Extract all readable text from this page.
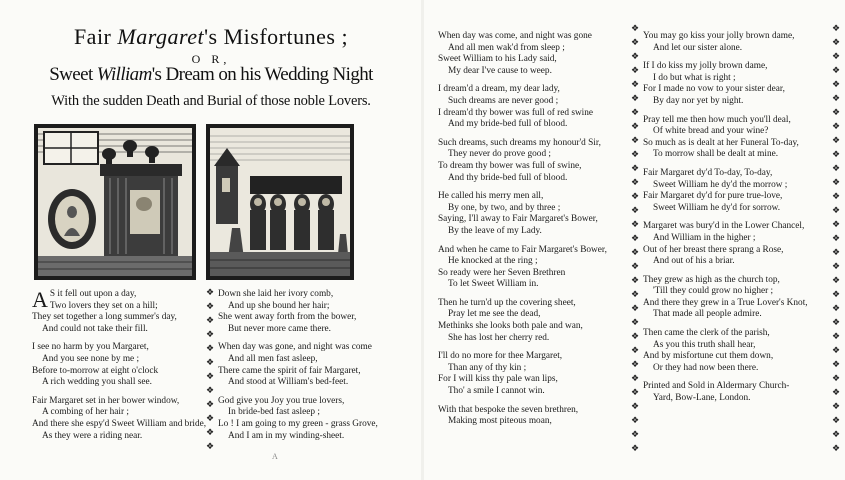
Fair Margaret's Misfortunes ;
O R,
Sweet William's Dream on his Wedding Night
With the sudden Death and Burial of those noble Lovers.
❖
❖
❖
❖
❖
❖
❖
❖
❖
❖
❖
❖
❖
❖
❖
❖
❖
❖
❖
❖
❖
❖
❖
❖
❖
❖
❖
❖
❖
❖
❖
❖
❖
❖
❖
❖
❖
❖
❖
❖
❖
❖
❖
❖
❖
❖
❖
❖
❖
❖
❖
❖
❖
❖
❖
❖
❖
❖
❖
❖
❖
❖
❖
❖
❖
❖
❖
❖
❖
❖
❖
❖
❖
❖
A S it fell out upon a day,
Two lovers they set on a hill;
They set together a long summer's day,
And could not take their fill.
I see no harm by you Margaret,
And you see none by me ;
Before to-morrow at eight o'clock
A rich wedding you shall see.
Fair Margaret set in her bower window,
A combing of her hair ;
And there she espy'd Sweet William and bride,
As they were a riding near.
Down she laid her ivory comb,
And up she bound her hair;
She went away forth from the bower,
But never more came there.
When day was gone, and night was come
And all men fast asleep,
There came the spirit of fair Margaret,
And stood at William's bed-feet.
God give you Joy you true lovers,
In bride-bed fast asleep ;
Lo ! I am going to my green - grass Grove,
And I am in my winding-sheet.
When day was come, and night was gone
And all men wak'd from sleep ;
Sweet William to his Lady said,
My dear I've cause to weep.
I dream'd a dream, my dear lady,
Such dreams are never good ;
I dream'd thy bower was full of red swine
And my bride-bed full of blood.
Such dreams, such dreams my honour'd Sir,
They never do prove good ;
To dream thy bower was full of swine,
And thy bride-bed full of blood.
He called his merry men all,
By one, by two, and by three ;
Saying, I'll away to Fair Margaret's Bower,
By the leave of my Lady.
And when he came to Fair Margaret's Bower,
He knocked at the ring ;
So ready were her Seven Brethren
To let Sweet William in.
Then he turn'd up the covering sheet,
Pray let me see the dead,
Methinks she looks both pale and wan,
She has lost her cherry red.
I'll do no more for thee Margaret,
Than any of thy kin ;
For I will kiss thy pale wan lips,
Tho' a smile I cannot win.
With that bespoke the seven brethren,
Making most piteous moan,
You may go kiss your jolly brown dame,
And let our sister alone.
If I do kiss my jolly brown dame,
I do but what is right ;
For I made no vow to your sister dear,
By day nor yet by night.
Pray tell me then how much you'll deal,
Of white bread and your wine?
So much as is dealt at her Funeral To-day,
To morrow shall be dealt at mine.
Fair Margaret dy'd To-day, To-day,
Sweet William he dy'd the morrow ;
Fair Margaret dy'd for pure true-love,
Sweet William he dy'd for sorrow.
Margaret was bury'd in the Lower Chancel,
And William in the higher ;
Out of her breast there sprang a Rose,
And out of his a briar.
They grew as high as the church top,
'Till they could grow no higher ;
And there they grew in a True Lover's Knot,
That made all people admire.
Then came the clerk of the parish,
As you this truth shall hear,
And by misfortune cut them down,
Or they had now been there.
Printed and Sold in Aldermary Church-
Yard, Bow-Lane, London.
A
